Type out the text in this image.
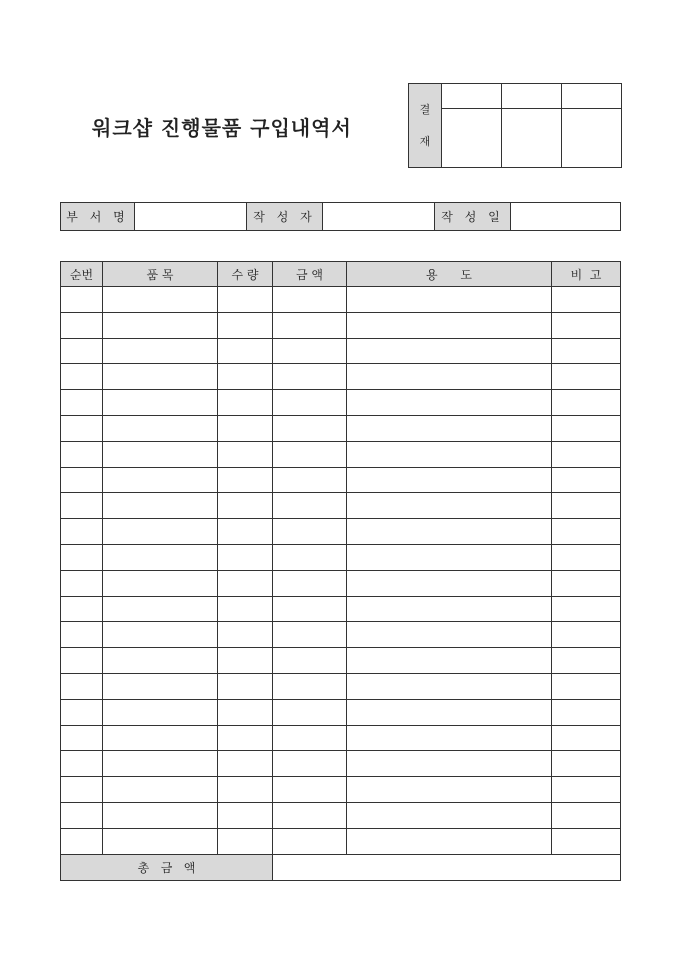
워크샵 진행물품 구입내역서
결
재			

부 서 명		작 성 자		작 성 일	
순번	품 목	수 량	금 액	용      도	비  고

총   금   액					
